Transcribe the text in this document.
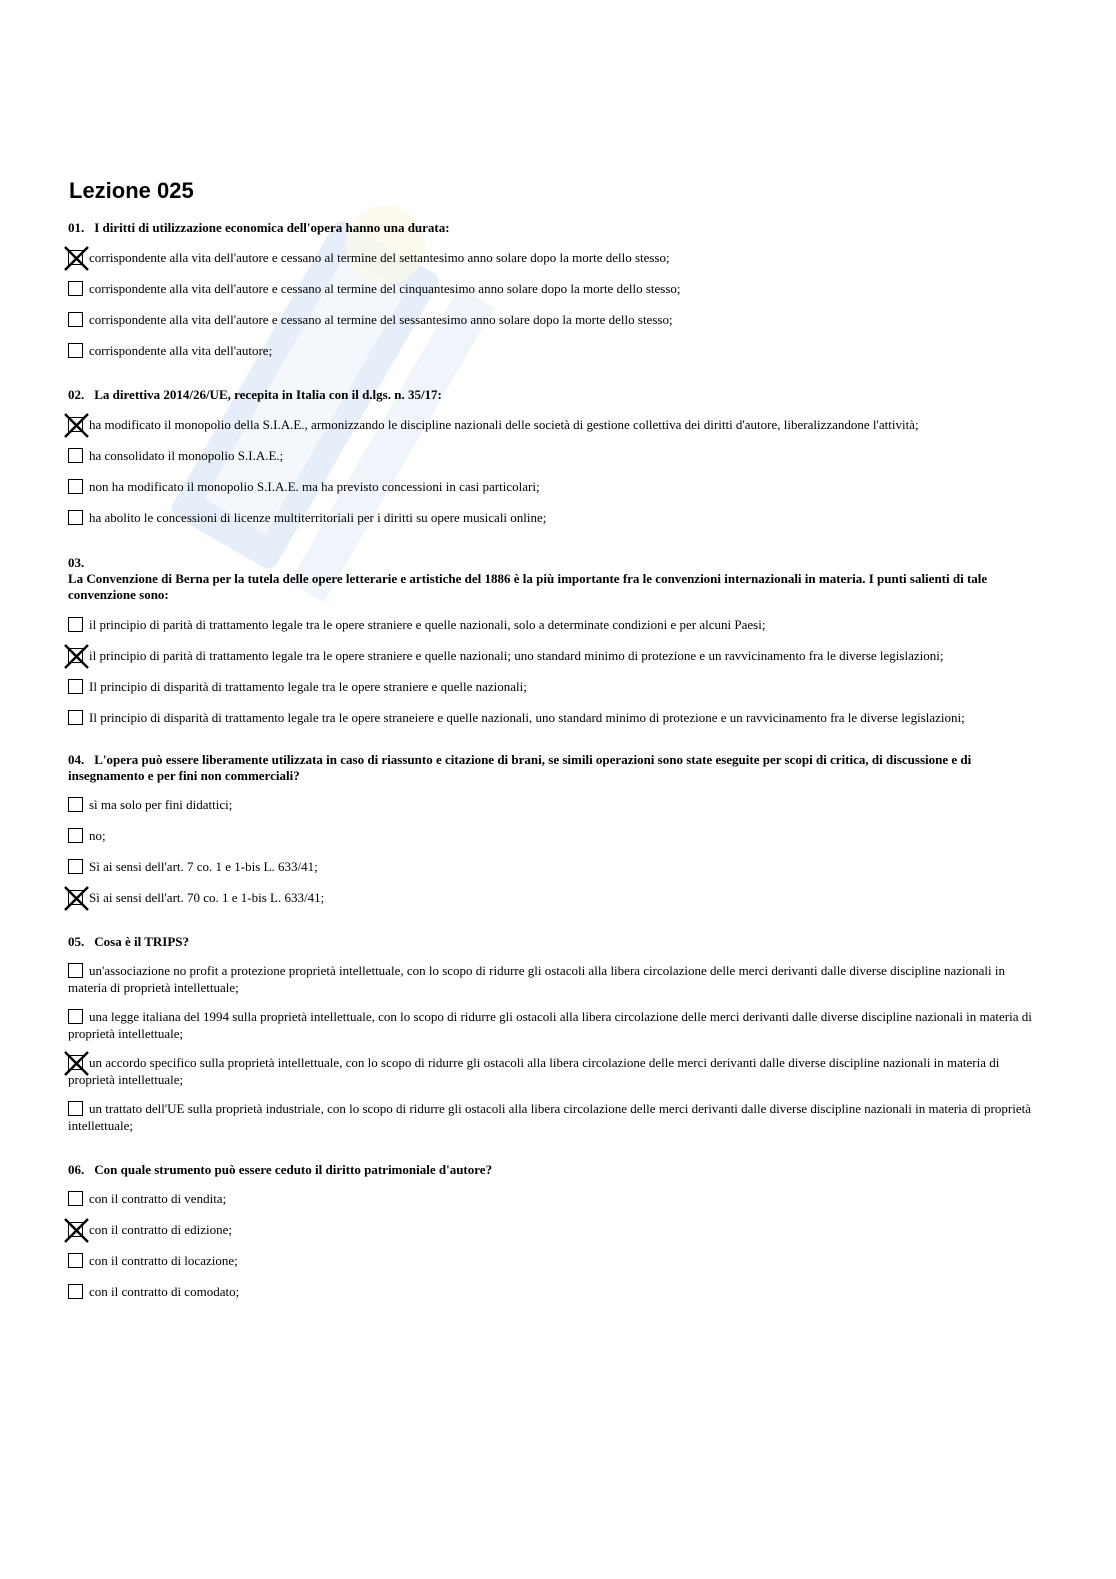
Lezione 025
01. I diritti di utilizzazione economica dell'opera hanno una durata:
corrispondente alla vita dell'autore e cessano al termine del settantesimo anno solare dopo la morte dello stesso;
corrispondente alla vita dell'autore e cessano al termine del cinquantesimo anno solare dopo la morte dello stesso;
corrispondente alla vita dell'autore e cessano al termine del sessantesimo anno solare dopo la morte dello stesso;
corrispondente alla vita dell'autore;
02. La direttiva 2014/26/UE, recepita in Italia con il d.lgs. n. 35/17:
ha modificato il monopolio della S.I.A.E., armonizzando le discipline nazionali delle società di gestione collettiva dei diritti d'autore, liberalizzandone l'attività;
ha consolidato il monopolio S.I.A.E.;
non ha modificato il monopolio S.I.A.E. ma ha previsto concessioni in casi particolari;
ha abolito le concessioni di licenze multiterritoriali per i diritti su opere musicali online;
03.
La Convenzione di Berna per la tutela delle opere letterarie e artistiche del 1886 è la più importante fra le convenzioni internazionali in materia. I punti salienti di tale convenzione sono:
il principio di parità di trattamento legale tra le opere straniere e quelle nazionali, solo a determinate condizioni e per alcuni Paesi;
il principio di parità di trattamento legale tra le opere straniere e quelle nazionali; uno standard minimo di protezione e un ravvicinamento fra le diverse legislazioni;
Il principio di disparità di trattamento legale tra le opere straniere e quelle nazionali;
Il principio di disparità di trattamento legale tra le opere straneiere e quelle nazionali, uno standard minimo di protezione e un ravvicinamento fra le diverse legislazioni;
04. L'opera può essere liberamente utilizzata in caso di riassunto e citazione di brani, se simili operazioni sono state eseguite per scopi di critica, di discussione e di insegnamento e per fini non commerciali?
sì ma solo per fini didattici;
no;
Sì ai sensi dell'art. 7 co. 1 e 1-bis L. 633/41;
Sì ai sensi dell'art. 70 co. 1 e 1-bis L. 633/41;
05. Cosa è il TRIPS?
un'associazione no profit a protezione proprietà intellettuale, con lo scopo di ridurre gli ostacoli alla libera circolazione delle merci derivanti dalle diverse discipline nazionali in materia di proprietà intellettuale;
una legge italiana del 1994 sulla proprietà intellettuale, con lo scopo di ridurre gli ostacoli alla libera circolazione delle merci derivanti dalle diverse discipline nazionali in materia di proprietà intellettuale;
un accordo specifico sulla proprietà intellettuale, con lo scopo di ridurre gli ostacoli alla libera circolazione delle merci derivanti dalle diverse discipline nazionali in materia di proprietà intellettuale;
un trattato dell'UE sulla proprietà industriale, con lo scopo di ridurre gli ostacoli alla libera circolazione delle merci derivanti dalle diverse discipline nazionali in materia di proprietà intellettuale;
06. Con quale strumento può essere ceduto il diritto patrimoniale d'autore?
con il contratto di vendita;
con il contratto di edizione;
con il contratto di locazione;
con il contratto di comodato;
